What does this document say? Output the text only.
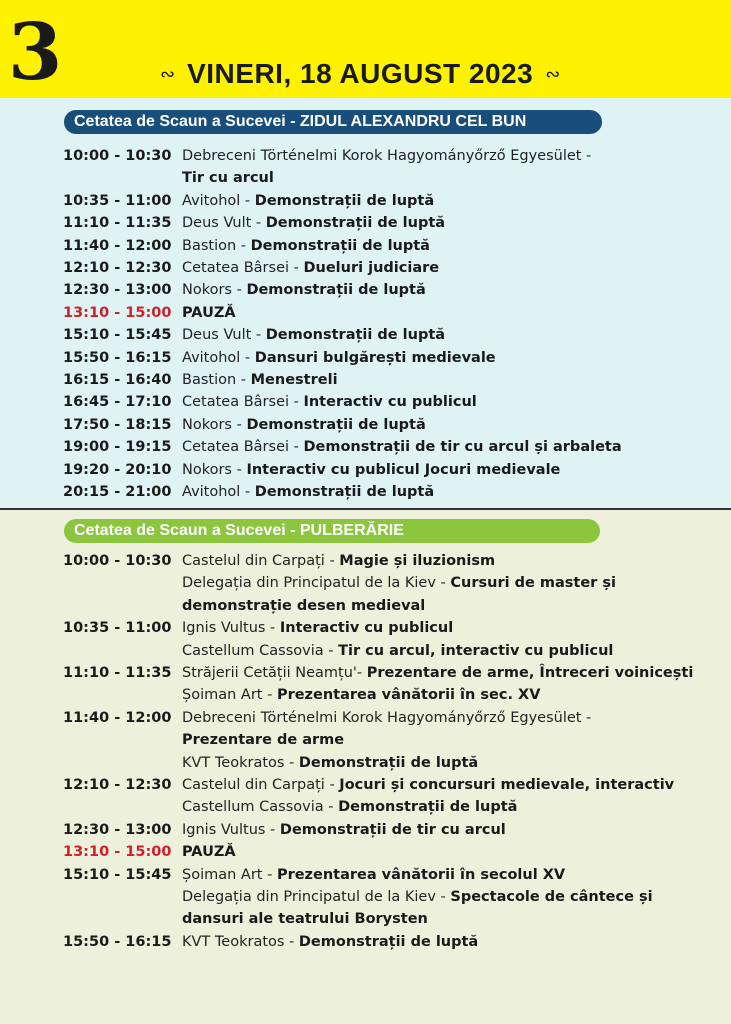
3	∾ VINERI, 18 AUGUST 2023 ∾
Cetatea de Scaun a Sucevei - ZIDUL ALEXANDRU CEL BUN
10:00 - 10:30 Debreceni Történelmi Korok Hagyományőrző Egyesület -
Tir cu arcul
10:35 - 11:00 Avitohol - Demonstrații de luptă
11:10 - 11:35 Deus Vult - Demonstrații de luptă
11:40 - 12:00 Bastion - Demonstrații de luptă
12:10 - 12:30 Cetatea Bârsei - Dueluri judiciare
12:30 - 13:00 Nokors - Demonstrații de luptă
13:10 - 15:00 PAUZĂ
15:10 - 15:45 Deus Vult - Demonstrații de luptă
15:50 - 16:15 Avitohol - Dansuri bulgărești medievale
16:15 - 16:40 Bastion - Menestreli
16:45 - 17:10 Cetatea Bârsei - Interactiv cu publicul
17:50 - 18:15 Nokors - Demonstrații de luptă
19:00 - 19:15 Cetatea Bârsei - Demonstrații de tir cu arcul și arbaleta
19:20 - 20:10 Nokors - Interactiv cu publicul Jocuri medievale
20:15 - 21:00 Avitohol - Demonstrații de luptă
Cetatea de Scaun a Sucevei - PULBERĂRIE
10:00 - 10:30 Castelul din Carpați - Magie și iluzionism
Delegația din Principatul de la Kiev - Cursuri de master și
demonstrație desen medieval
10:35 - 11:00 Ignis Vultus - Interactiv cu publicul
Castellum Cassovia - Tir cu arcul, interactiv cu publicul
11:10 - 11:35 Străjerii Cetății Neamțu'- Prezentare de arme, Întreceri voinicești
Șoiman Art - Prezentarea vânătorii în sec. XV
11:40 - 12:00 Debreceni Történelmi Korok Hagyományőrző Egyesület -
Prezentare de arme
KVT Teokratos - Demonstrații de luptă
12:10 - 12:30 Castelul din Carpați - Jocuri și concursuri medievale, interactiv
Castellum Cassovia - Demonstrații de luptă
12:30 - 13:00 Ignis Vultus - Demonstrații de tir cu arcul
13:10 - 15:00 PAUZĂ
15:10 - 15:45 Șoiman Art - Prezentarea vânătorii în secolul XV
Delegația din Principatul de la Kiev - Spectacole de cântece și
dansuri ale teatrului Borysten
15:50 - 16:15 KVT Teokratos - Demonstrații de luptă
